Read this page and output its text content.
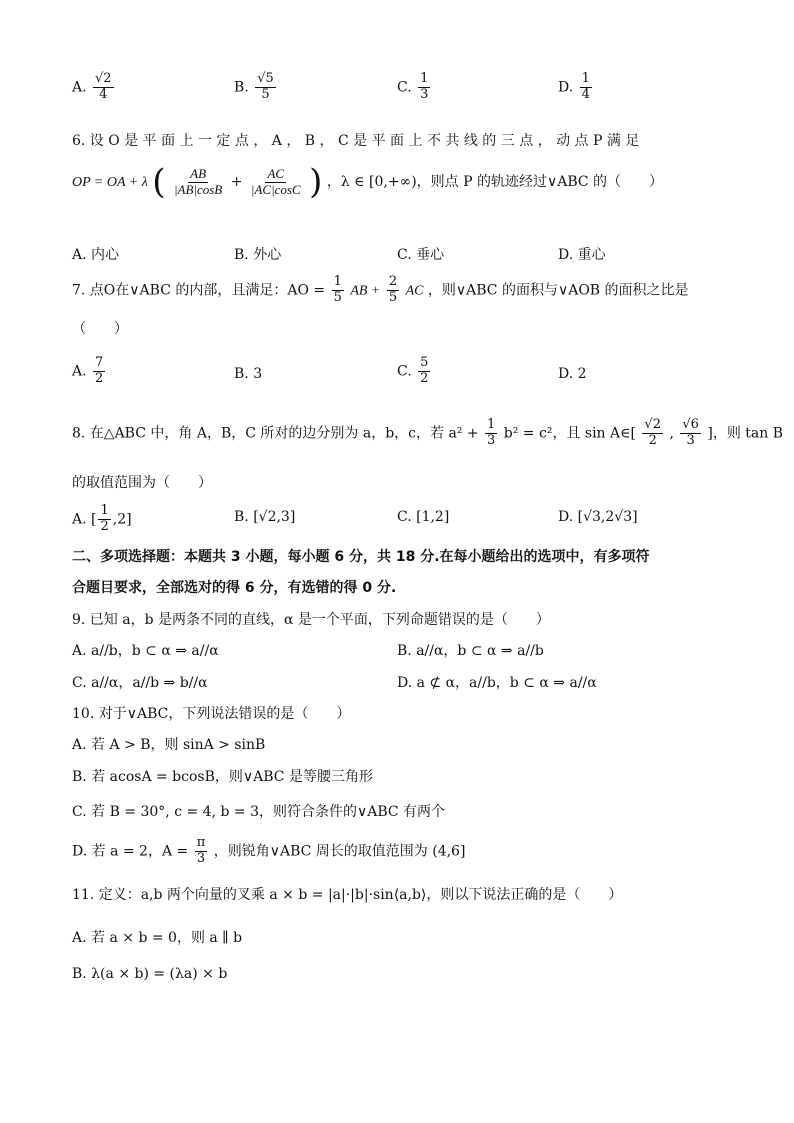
A. $\frac{√2}{4}$	B. $\frac{√5}{5}$	C. $\frac{1}{3}$	D. $\frac{1}{4}$
6. 设 O 是 平 面 上 一 定 点 ， A ， B ， C 是 平 面 上 不 共 线 的 三 点 ， 动 点 P 满 足
OP = OA + λ ( $\frac{AB}{|AB|\cos B} + \frac{AC}{|AC|\cos C}$ ) ，λ ∈ [0,+∞)，则点 P 的轨迹经过∨ABC 的（　　）
A. 内心	B. 外心	C. 垂心	D. 重心
7. 点O在∨ABC 的内部，且满足：AO = $\frac{1}{5}$ AB + $\frac{2}{5}$ AC ，则∨ABC 的面积与∨AOB 的面积之比是
（　　）
A. $\frac{7}{2}$	B. 3	C. $\frac{5}{2}$	D. 2
8. 在△ABC 中，角 A，B，C 所对的边分别为 a，b，c，若 $a^2 + \frac{1}{3} b^2 = c^2$，且 sin A∈[ $\frac{√2}{2}$ , $\frac{√6}{3}$ ]，则 tan B
的取值范围为（　　）
A. [ $\frac{1}{2} ,2$]	B. [√2,3]	C. [1,2]	D. [√3,2√3]
二、多项选择题：本题共 3 小题，每小题 6 分，共 18 分.在每小题给出的选项中，有多项符
合题目要求，全部选对的得 6 分，有选错的得 0 分.
9. 已知 a，b 是两条不同的直线，α 是一个平面，下列命题错误的是（　　）
A. a//b，b ⊂ α ⇒ a//α	B. a//α，b ⊂ α ⇒ a//b
C. a//α，a//b ⇒ b//α	D. a ⊄ α，a//b，b ⊂ α ⇒ a//α
10. 对于∨ABC，下列说法错误的是（　　）
A. 若 A > B，则 sinA > sinB
B. 若 acosA = bcosB，则∨ABC 是等腰三角形
C. 若 B = 30°, c = 4, b = 3，则符合条件的∨ABC 有两个
D. 若 a = 2，$A = \frac{\pi}{3}$ ，则锐角∨ABC 周长的取值范围为 (4,6]
11. 定义：a,b 两个向量的叉乘 a × b = |a|·|b|·sin⟨a,b⟩，则以下说法正确的是（　　）
A. 若 a × b = 0，则 a ∥ b
B. λ(a × b) = (λa) × b
